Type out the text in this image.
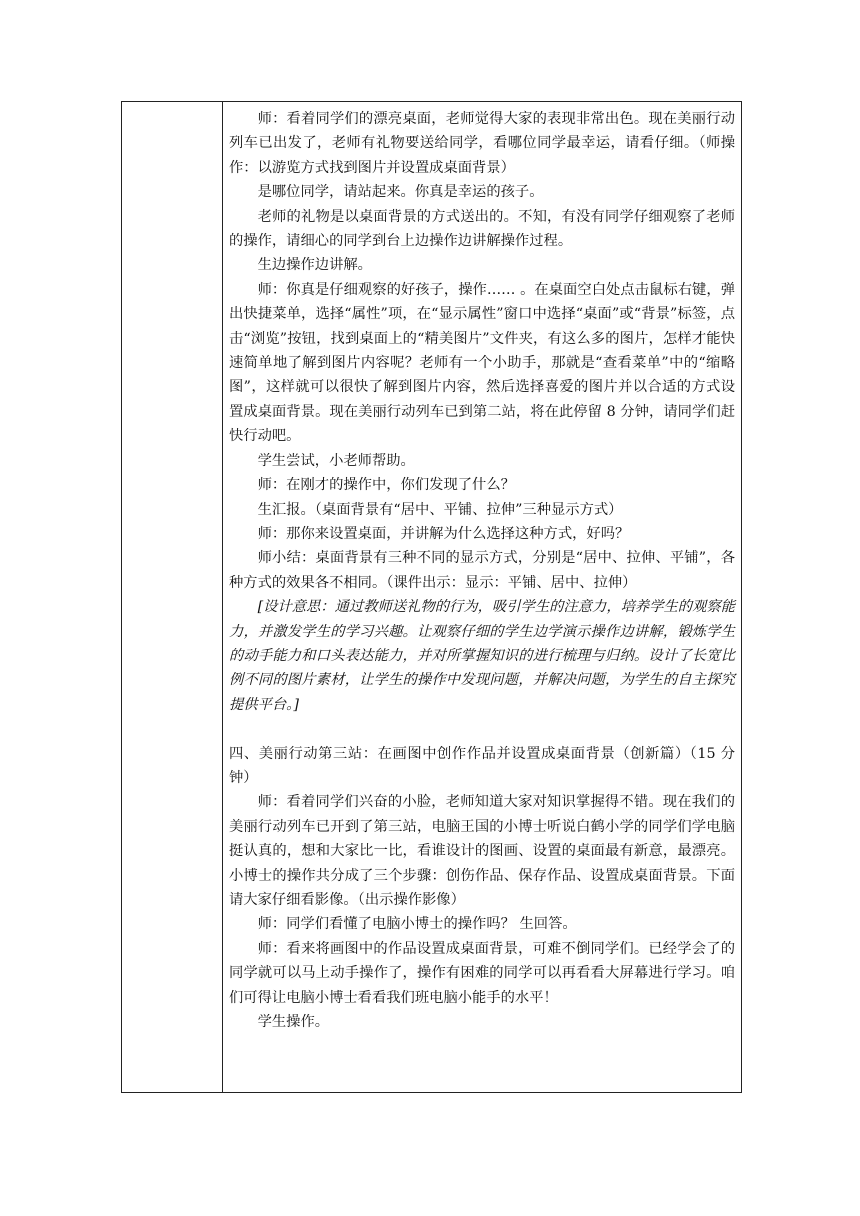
师：看着同学们的漂亮桌面，老师觉得大家的表现非常出色。现在美丽行动列车已出发了，老师有礼物要送给同学，看哪位同学最幸运，请看仔细。（师操作：以游览方式找到图片并设置成桌面背景）

是哪位同学，请站起来。你真是幸运的孩子。

老师的礼物是以桌面背景的方式送出的。不知，有没有同学仔细观察了老师的操作，请细心的同学到台上边操作边讲解操作过程。

生边操作边讲解。

师：你真是仔细观察的好孩子，操作…… 。在桌面空白处点击鼠标右键，弹出快捷菜单，选择“属性”项，在“显示属性”窗口中选择“桌面”或“背景”标签，点击“浏览”按钮，找到桌面上的“精美图片”文件夹，有这么多的图片，怎样才能快速简单地了解到图片内容呢？老师有一个小助手，那就是“查看菜单”中的“缩略图”，这样就可以很快了解到图片内容，然后选择喜爱的图片并以合适的方式设置成桌面背景。现在美丽行动列车已到第二站，将在此停留 8 分钟，请同学们赶快行动吧。

学生尝试，小老师帮助。

师：在刚才的操作中，你们发现了什么？

生汇报。（桌面背景有“居中、平铺、拉伸”三种显示方式）

师：那你来设置桌面，并讲解为什么选择这种方式，好吗？

师小结：桌面背景有三种不同的显示方式，分别是“居中、拉伸、平铺”，各种方式的效果各不相同。（课件出示：显示：平铺、居中、拉伸）

[设计意思：通过教师送礼物的行为，吸引学生的注意力，培养学生的观察能力，并激发学生的学习兴趣。让观察仔细的学生边学演示操作边讲解，锻炼学生的动手能力和口头表达能力，并对所掌握知识的进行梳理与归纳。设计了长宽比例不同的图片素材，让学生的操作中发现问题，并解决问题，为学生的自主探究提供平台。]

四、美丽行动第三站：在画图中创作作品并设置成桌面背景（创新篇）（15 分钟）

师：看着同学们兴奋的小脸，老师知道大家对知识掌握得不错。现在我们的美丽行动列车已开到了第三站，电脑王国的小博士听说白鹤小学的同学们学电脑挺认真的，想和大家比一比，看谁设计的图画、设置的桌面最有新意，最漂亮。小博士的操作共分成了三个步骤：创伤作品、保存作品、设置成桌面背景。下面请大家仔细看影像。（出示操作影像）

师：同学们看懂了电脑小博士的操作吗？ 生回答。

师：看来将画图中的作品设置成桌面背景，可难不倒同学们。已经学会了的同学就可以马上动手操作了，操作有困难的同学可以再看看大屏幕进行学习。咱们可得让电脑小博士看看我们班电脑小能手的水平！

学生操作。
